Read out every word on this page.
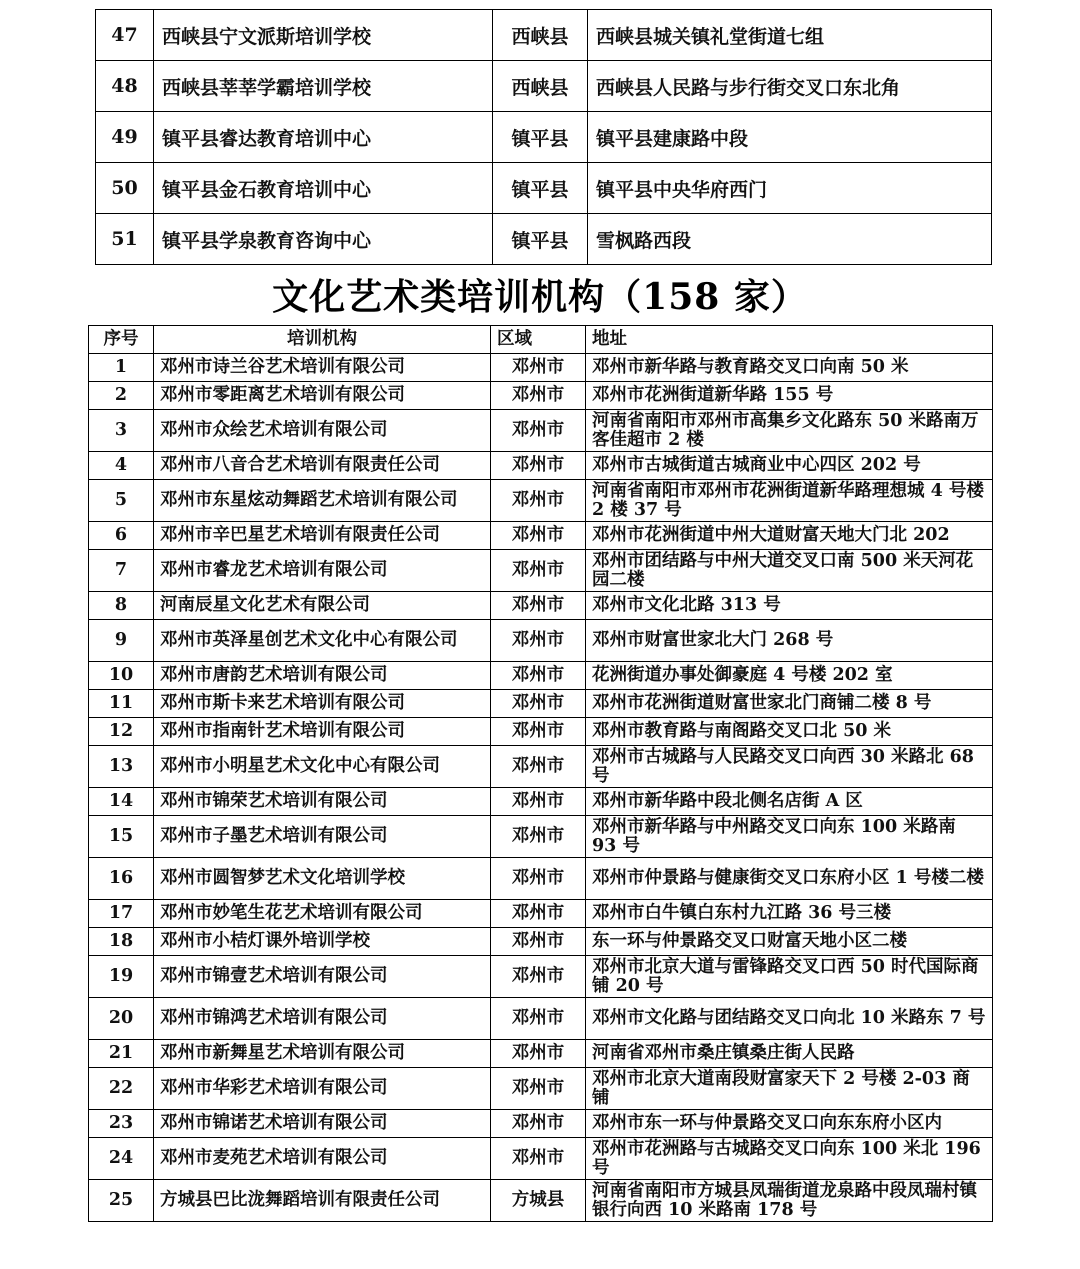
47	西峡县宁文派斯培训学校	西峡县	西峡县城关镇礼堂街道七组
48	西峡县莘莘学霸培训学校	西峡县	西峡县人民路与步行街交叉口东北角
49	镇平县睿达教育培训中心	镇平县	镇平县建康路中段
50	镇平县金石教育培训中心	镇平县	镇平县中央华府西门
51	镇平县学泉教育咨询中心	镇平县	雪枫路西段
文化艺术类培训机构（158 家）
序号	培训机构	区域	地址
1	邓州市诗兰谷艺术培训有限公司	邓州市	邓州市新华路与教育路交叉口向南 50 米
2	邓州市零距离艺术培训有限公司	邓州市	邓州市花洲街道新华路 155 号
3	邓州市众绘艺术培训有限公司	邓州市	河南省南阳市邓州市高集乡文化路东 50 米路南万客佳超市 2 楼
4	邓州市八音合艺术培训有限责任公司	邓州市	邓州市古城街道古城商业中心四区 202 号
5	邓州市东星炫动舞蹈艺术培训有限公司	邓州市	河南省南阳市邓州市花洲街道新华路理想城 4 号楼 2 楼 37 号
6	邓州市辛巴星艺术培训有限责任公司	邓州市	邓州市花洲街道中州大道财富天地大门北 202
7	邓州市睿龙艺术培训有限公司	邓州市	邓州市团结路与中州大道交叉口南 500 米天河花园二楼
8	河南辰星文化艺术有限公司	邓州市	邓州市文化北路 313 号
9	邓州市英泽星创艺术文化中心有限公司	邓州市	邓州市财富世家北大门 268 号
10	邓州市唐韵艺术培训有限公司	邓州市	花洲街道办事处御豪庭 4 号楼 202 室
11	邓州市斯卡来艺术培训有限公司	邓州市	邓州市花洲街道财富世家北门商铺二楼 8 号
12	邓州市指南针艺术培训有限公司	邓州市	邓州市教育路与南阁路交叉口北 50 米
13	邓州市小明星艺术文化中心有限公司	邓州市	邓州市古城路与人民路交叉口向西 30 米路北 68 号
14	邓州市锦荣艺术培训有限公司	邓州市	邓州市新华路中段北侧名店街 A 区
15	邓州市子墨艺术培训有限公司	邓州市	邓州市新华路与中州路交叉口向东 100 米路南 93 号
16	邓州市圆智梦艺术文化培训学校	邓州市	邓州市仲景路与健康街交叉口东府小区 1 号楼二楼
17	邓州市妙笔生花艺术培训有限公司	邓州市	邓州市白牛镇白东村九江路 36 号三楼
18	邓州市小桔灯课外培训学校	邓州市	东一环与仲景路交叉口财富天地小区二楼
19	邓州市锦壹艺术培训有限公司	邓州市	邓州市北京大道与雷锋路交叉口西 50 时代国际商铺 20 号
20	邓州市锦鸿艺术培训有限公司	邓州市	邓州市文化路与团结路交叉口向北 10 米路东 7 号
21	邓州市新舞星艺术培训有限公司	邓州市	河南省邓州市桑庄镇桑庄街人民路
22	邓州市华彩艺术培训有限公司	邓州市	邓州市北京大道南段财富家天下 2 号楼 2-03 商铺
23	邓州市锦诺艺术培训有限公司	邓州市	邓州市东一环与仲景路交叉口向东东府小区内
24	邓州市麦苑艺术培训有限公司	邓州市	邓州市花洲路与古城路交叉口向东 100 米北 196 号
25	方城县巴比泷舞蹈培训有限责任公司	方城县	河南省南阳市方城县凤瑞街道龙泉路中段凤瑞村镇银行向西 10 米路南 178 号
